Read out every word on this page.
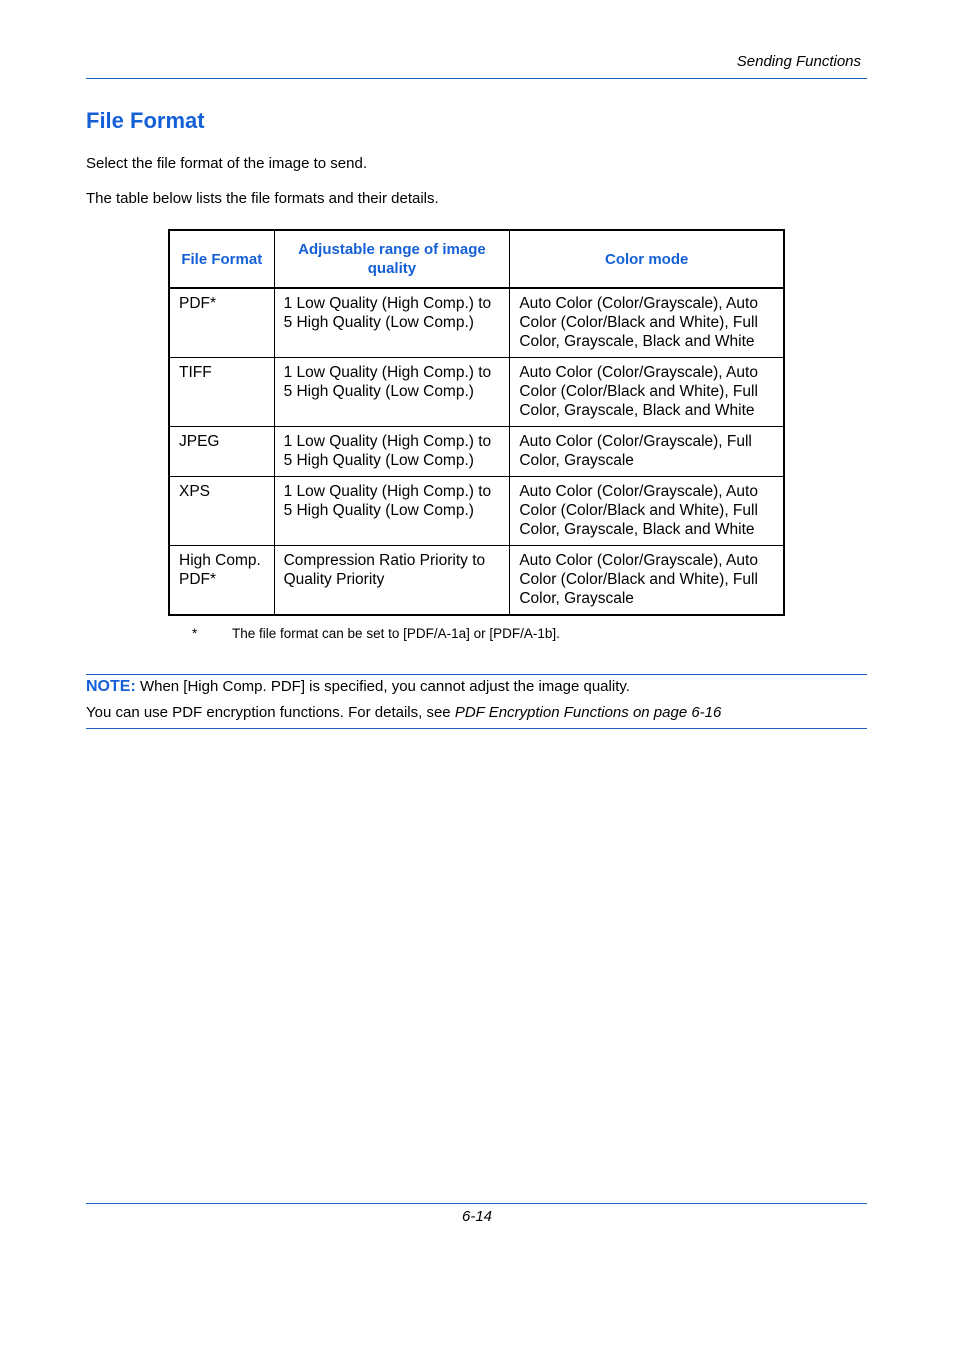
Sending Functions
File Format
Select the file format of the image to send.
The table below lists the file formats and their details.
File Format	Adjustable range of image quality	Color mode
PDF*	1 Low Quality (High Comp.) to 5 High Quality (Low Comp.)	Auto Color (Color/Grayscale), Auto Color (Color/Black and White), Full Color, Grayscale, Black and White
TIFF	1 Low Quality (High Comp.) to 5 High Quality (Low Comp.)	Auto Color (Color/Grayscale), Auto Color (Color/Black and White), Full Color, Grayscale, Black and White
JPEG	1 Low Quality (High Comp.) to 5 High Quality (Low Comp.)	Auto Color (Color/Grayscale), Full Color, Grayscale
XPS	1 Low Quality (High Comp.) to 5 High Quality (Low Comp.)	Auto Color (Color/Grayscale), Auto Color (Color/Black and White), Full Color, Grayscale, Black and White
High Comp. PDF*	Compression Ratio Priority to Quality Priority	Auto Color (Color/Grayscale), Auto Color (Color/Black and White), Full Color, Grayscale
*	The file format can be set to [PDF/A-1a] or [PDF/A-1b].
NOTE: When [High Comp. PDF] is specified, you cannot adjust the image quality.
You can use PDF encryption functions. For details, see PDF Encryption Functions on page 6-16
6-14
